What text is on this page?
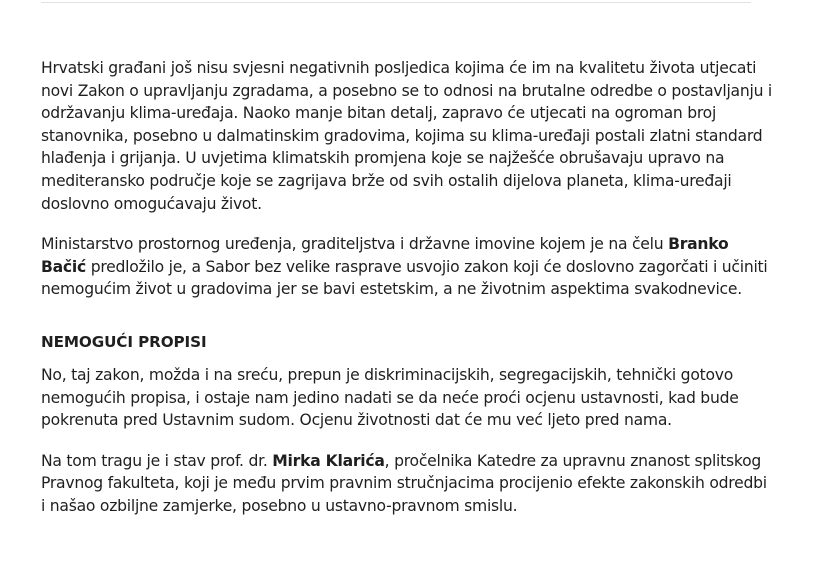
Hrvatski građani još nisu svjesni negativnih posljedica kojima će im na kvalitetu života utjecati
novi Zakon o upravljanju zgradama, a posebno se to odnosi na brutalne odredbe o postavljanju i
održavanju klima-uređaja. Naoko manje bitan detalj, zapravo će utjecati na ogroman broj
stanovnika, posebno u dalmatinskim gradovima, kojima su klima-uređaji postali zlatni standard
hlađenja i grijanja. U uvjetima klimatskih promjena koje se najžešće obrušavaju upravo na
mediteransko područje koje se zagrijava brže od svih ostalih dijelova planeta, klima-uređaji
doslovno omogućavaju život.

Ministarstvo prostornog uređenja, graditeljstva i državne imovine kojem je na čelu Branko
Bačić predložilo je, a Sabor bez velike rasprave usvojio zakon koji će doslovno zagorčati i učiniti
nemogućim život u gradovima jer se bavi estetskim, a ne životnim aspektima svakodnevice.

NEMOGUĆI PROPISI

No, taj zakon, možda i na sreću, prepun je diskriminacijskih, segregacijskih, tehnički gotovo
nemogućih propisa, i ostaje nam jedino nadati se da neće proći ocjenu ustavnosti, kad bude
pokrenuta pred Ustavnim sudom. Ocjenu životnosti dat će mu već ljeto pred nama.

Na tom tragu je i stav prof. dr. Mirka Klarića, pročelnika Katedre za upravnu znanost splitskog
Pravnog fakulteta, koji je među prvim pravnim stručnjacima procijenio efekte zakonskih odredbi
i našao ozbiljne zamjerke, posebno u ustavno-pravnom smislu.
